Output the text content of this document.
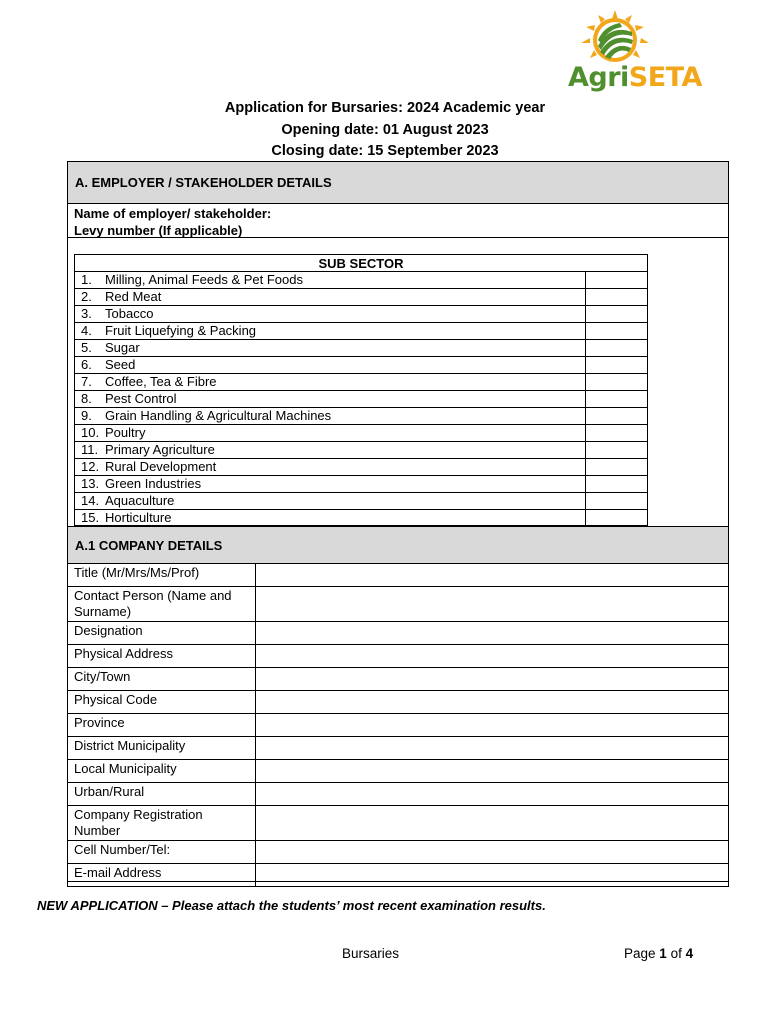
AgriSETA
Application for Bursaries: 2024 Academic year
Opening date: 01 August 2023
Closing date: 15 September 2023
A. EMPLOYER / STAKEHOLDER DETAILS
Name of employer/ stakeholder:
Levy number (If applicable)
SUB SECTOR
1.	Milling, Animal Feeds & Pet Foods
2.	Red Meat
3.	Tobacco
4.	Fruit Liquefying & Packing
5.	Sugar
6.	Seed
7.	Coffee, Tea & Fibre
8.	Pest Control
9.	Grain Handling & Agricultural Machines
10. Poultry
11. Primary Agriculture
12. Rural Development
13. Green Industries
14. Aquaculture
15. Horticulture
A.1 COMPANY DETAILS
Title (Mr/Mrs/Ms/Prof)	
Contact Person (Name and Surname)	
Designation	
Physical Address	
City/Town	
Physical Code	
Province	
District Municipality	
Local Municipality	
Urban/Rural	
Company Registration Number	
Cell Number/Tel:	
E-mail Address	
NEW APPLICATION – Please attach the students’ most recent examination results.
Bursaries	Page 1 of 4
